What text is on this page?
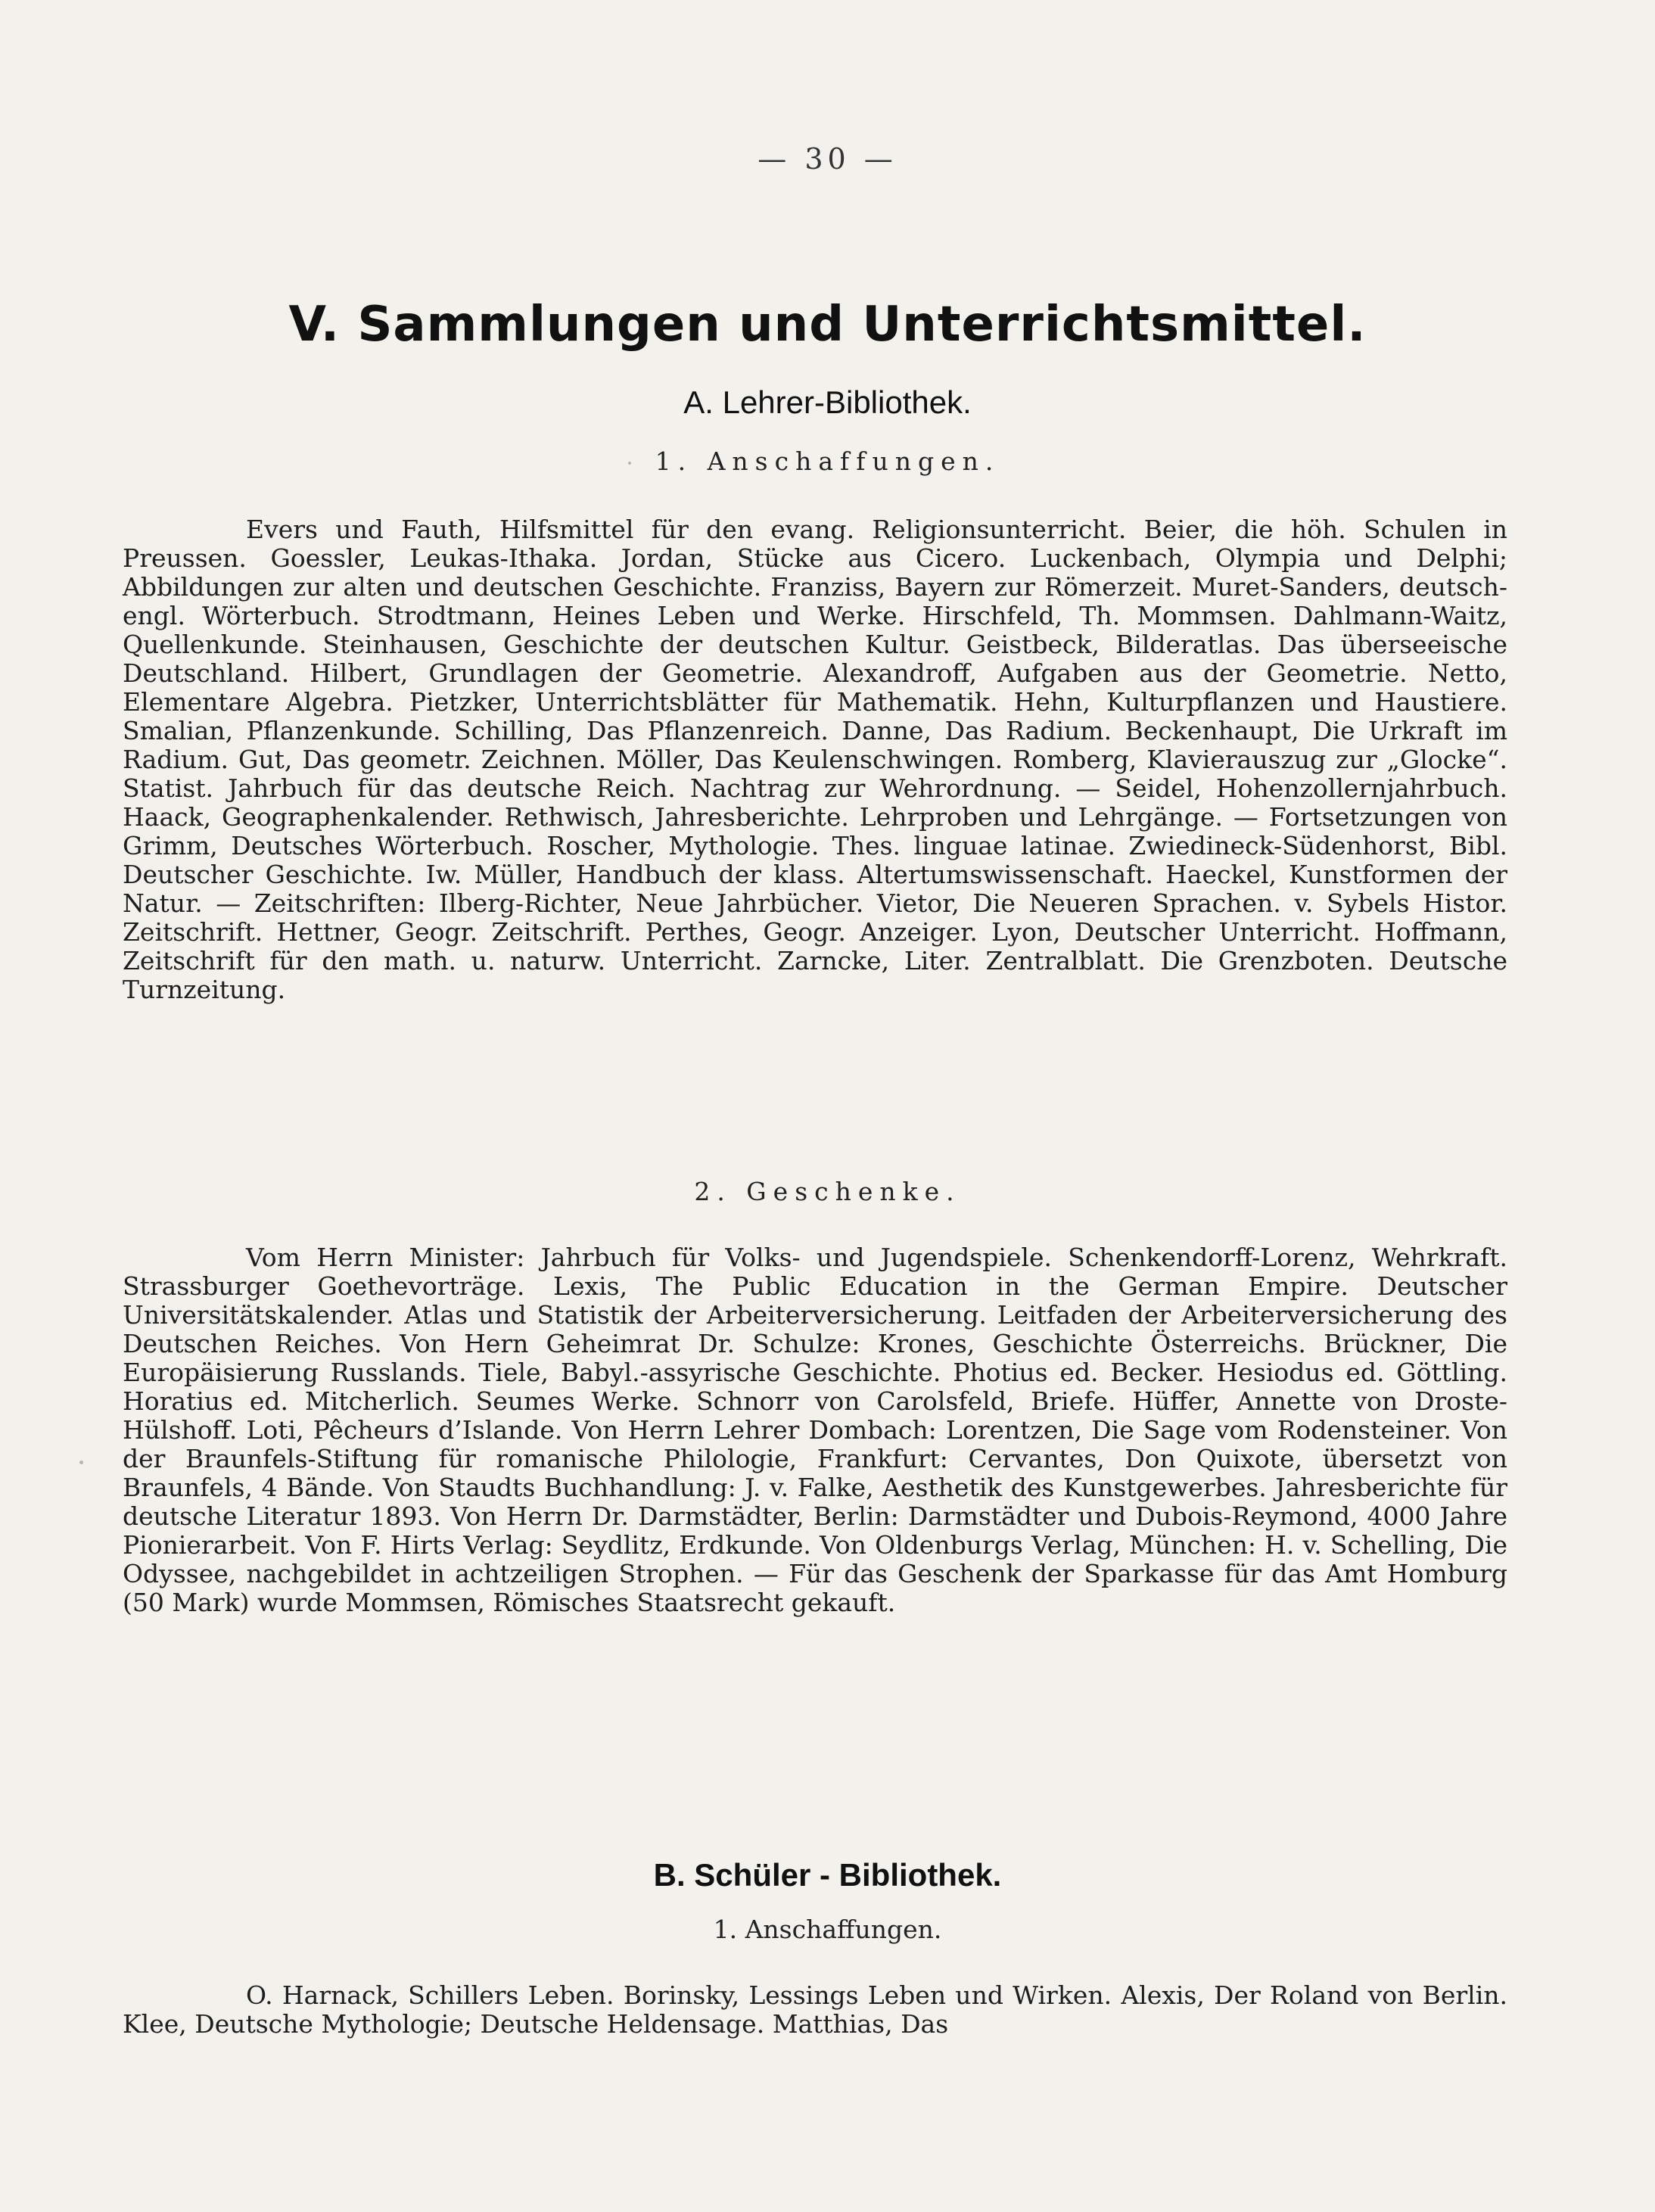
— 30 —
V. Sammlungen und Unterrichtsmittel.
A. Lehrer-Bibliothek.
1. Anschaffungen.

Evers und Fauth, Hilfsmittel für den evang. Religionsunterricht. Beier, die höh. Schulen in Preussen. Goessler, Leukas-Ithaka. Jordan, Stücke aus Cicero. Luckenbach, Olympia und Delphi; Abbildungen zur alten und deutschen Geschichte. Franziss, Bayern zur Römerzeit. Muret-Sanders, deutsch-engl. Wörterbuch. Strodtmann, Heines Leben und Werke. Hirschfeld, Th. Mommsen. Dahlmann-Waitz, Quellenkunde. Steinhausen, Geschichte der deutschen Kultur. Geistbeck, Bilderatlas. Das überseeische Deutschland. Hilbert, Grundlagen der Geometrie. Alexandroff, Aufgaben aus der Geometrie. Netto, Elementare Algebra. Pietzker, Unterrichtsblätter für Mathematik. Hehn, Kulturpflanzen und Haustiere. Smalian, Pflanzenkunde. Schilling, Das Pflanzenreich. Danne, Das Radium. Beckenhaupt, Die Urkraft im Radium. Gut, Das geometr. Zeichnen. Möller, Das Keulenschwingen. Romberg, Klavierauszug zur „Glocke“. Statist. Jahrbuch für das deutsche Reich. Nachtrag zur Wehrordnung. — Seidel, Hohenzollernjahrbuch. Haack, Geographenkalender. Rethwisch, Jahresberichte. Lehrproben und Lehrgänge. — Fortsetzungen von Grimm, Deutsches Wörterbuch. Roscher, Mythologie. Thes. linguae latinae. Zwiedineck-Südenhorst, Bibl. Deutscher Geschichte. Iw. Müller, Handbuch der klass. Altertumswissenschaft. Haeckel, Kunstformen der Natur. — Zeitschriften: Ilberg-Richter, Neue Jahrbücher. Vietor, Die Neueren Sprachen. v. Sybels Histor. Zeitschrift. Hettner, Geogr. Zeitschrift. Perthes, Geogr. Anzeiger. Lyon, Deutscher Unterricht. Hoffmann, Zeitschrift für den math. u. naturw. Unterricht. Zarncke, Liter. Zentralblatt. Die Grenzboten. Deutsche Turnzeitung.

2. Geschenke.

Vom Herrn Minister: Jahrbuch für Volks- und Jugendspiele. Schenkendorff-Lorenz, Wehrkraft. Strassburger Goethevorträge. Lexis, The Public Education in the German Empire. Deutscher Universitätskalender. Atlas und Statistik der Arbeiterversicherung. Leitfaden der Arbeiterversicherung des Deutschen Reiches. Von Hern Geheimrat Dr. Schulze: Krones, Geschichte Österreichs. Brückner, Die Europäisierung Russlands. Tiele, Babyl.-assyrische Geschichte. Photius ed. Becker. Hesiodus ed. Göttling. Horatius ed. Mitcherlich. Seumes Werke. Schnorr von Carolsfeld, Briefe. Hüffer, Annette von Droste-Hülshoff. Loti, Pêcheurs d’Islande. Von Herrn Lehrer Dombach: Lorentzen, Die Sage vom Rodensteiner. Von der Braunfels-Stiftung für romanische Philologie, Frankfurt: Cervantes, Don Quixote, übersetzt von Braunfels, 4 Bände. Von Staudts Buchhandlung: J. v. Falke, Aesthetik des Kunstgewerbes. Jahresberichte für deutsche Literatur 1893. Von Herrn Dr. Darmstädter, Berlin: Darmstädter und Dubois-Reymond, 4000 Jahre Pionierarbeit. Von F. Hirts Verlag: Seydlitz, Erdkunde. Von Oldenburgs Verlag, München: H. v. Schelling, Die Odyssee, nachgebildet in achtzeiligen Strophen. — Für das Geschenk der Sparkasse für das Amt Homburg (50 Mark) wurde Mommsen, Römisches Staatsrecht gekauft.

B. Schüler - Bibliothek.
1. Anschaffungen.

O. Harnack, Schillers Leben. Borinsky, Lessings Leben und Wirken. Alexis, Der Roland von Berlin. Klee, Deutsche Mythologie; Deutsche Heldensage. Matthias, Das
